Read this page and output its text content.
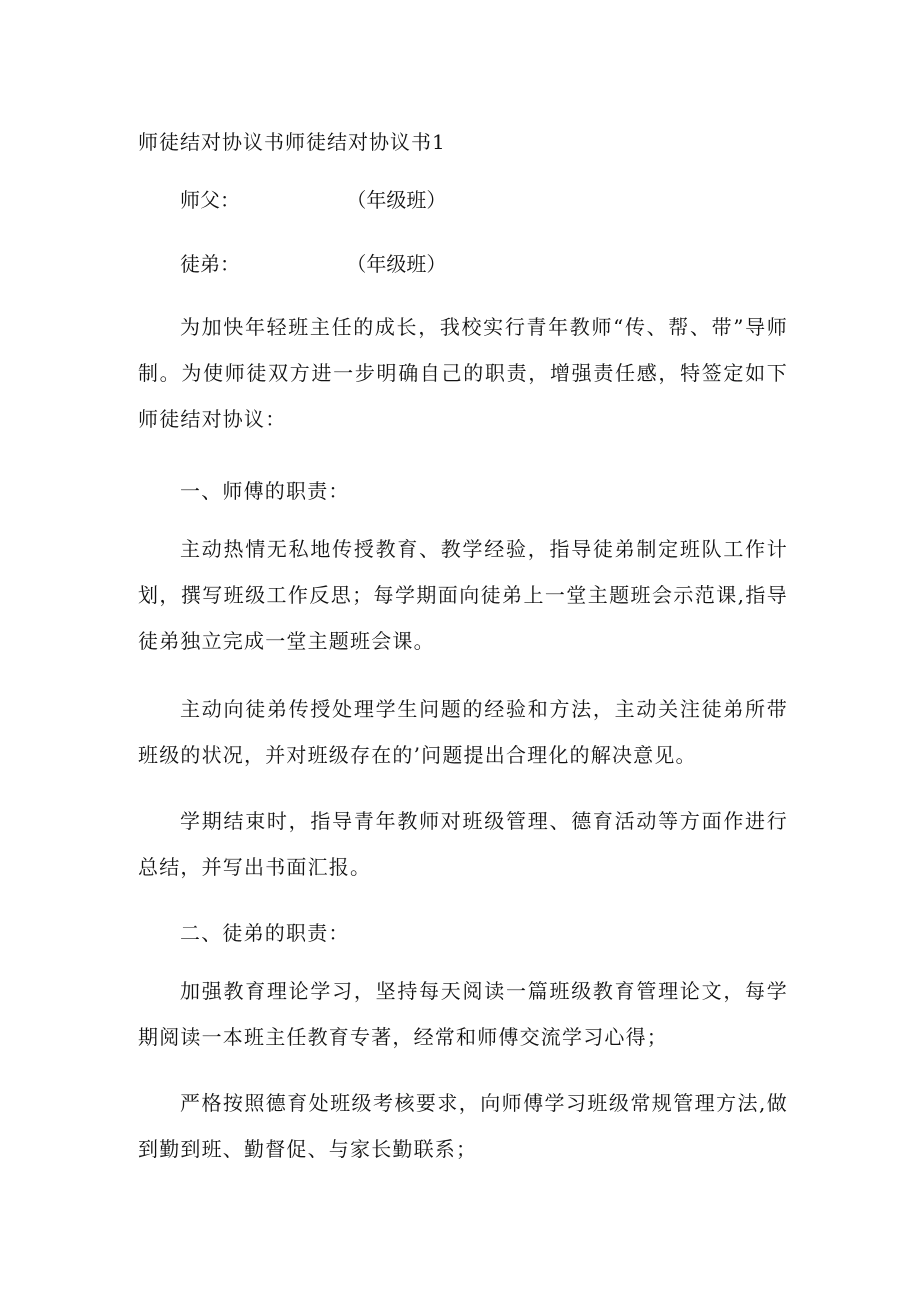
师徒结对协议书师徒结对协议书1
师父：	（年级班）
徒弟：	（年级班）

为加快年轻班主任的成长，我校实行青年教师“传、帮、带”导师制。为使师徒双方进一步明确自己的职责，增强责任感，特签定如下师徒结对协议：

一、师傅的职责：

主动热情无私地传授教育、教学经验，指导徒弟制定班队工作计划，撰写班级工作反思；每学期面向徒弟上一堂主题班会示范课,指导徒弟独立完成一堂主题班会课。

主动向徒弟传授处理学生问题的经验和方法，主动关注徒弟所带班级的状况，并对班级存在的’问题提出合理化的解决意见。

学期结束时，指导青年教师对班级管理、德育活动等方面作进行总结，并写出书面汇报。

二、徒弟的职责：

加强教育理论学习，坚持每天阅读一篇班级教育管理论文，每学期阅读一本班主任教育专著，经常和师傅交流学习心得；

严格按照德育处班级考核要求，向师傅学习班级常规管理方法,做到勤到班、勤督促、与家长勤联系；
